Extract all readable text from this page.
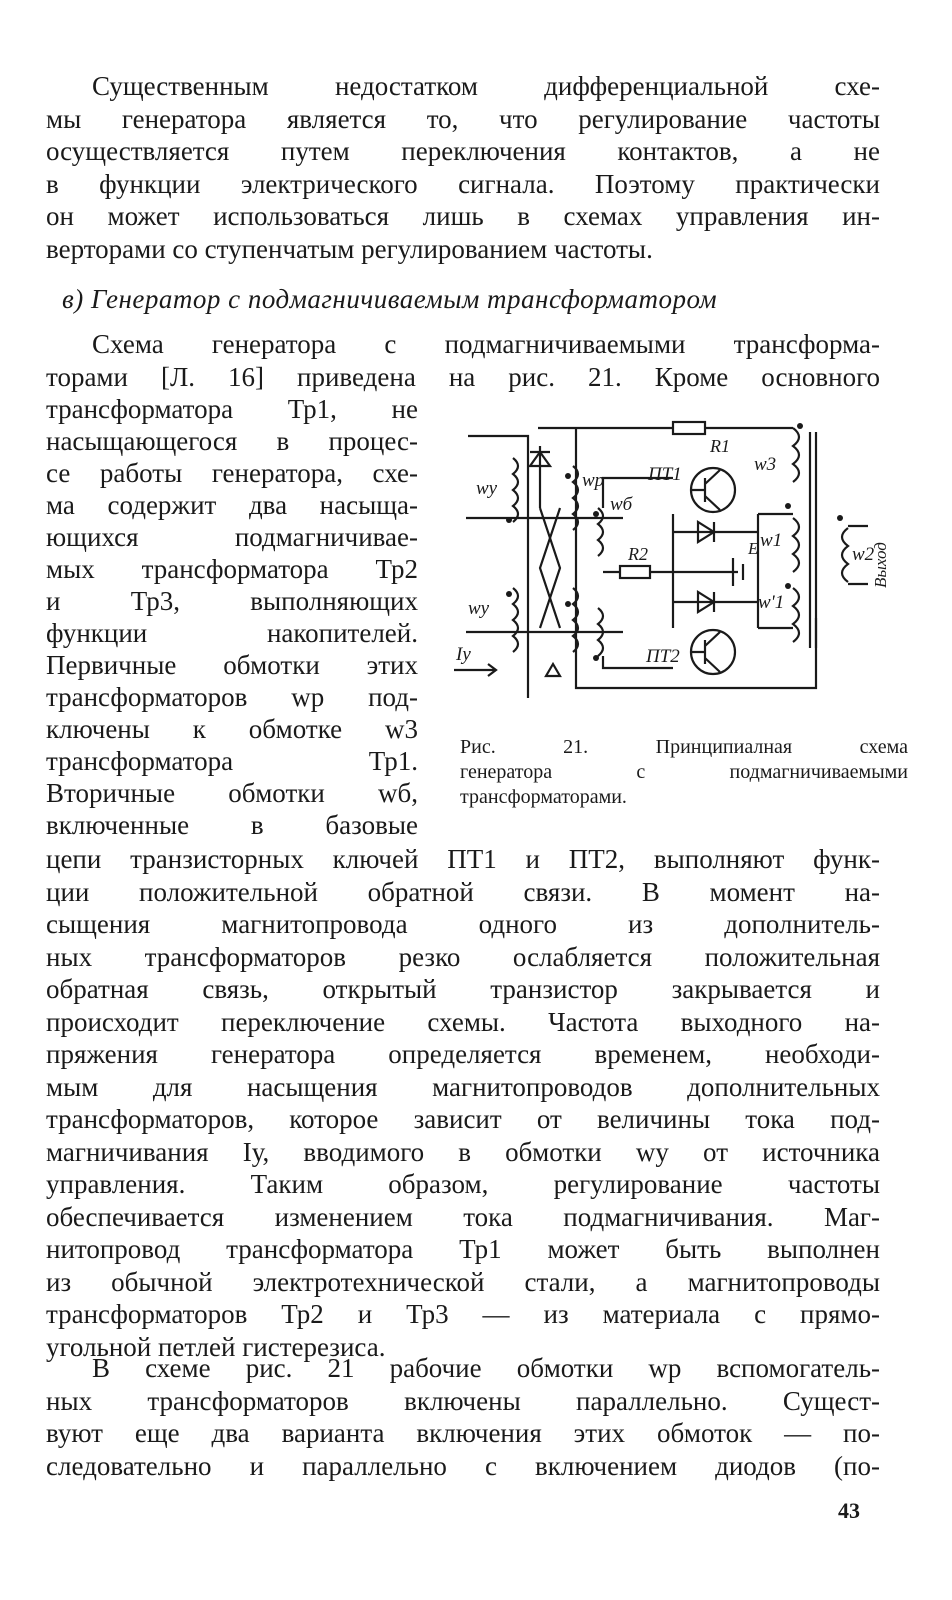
Существенным недостатком дифференциальной схе-
мы генератора является то, что регулирование частоты
осуществляется путем переключения контактов, а не
в функции электрического сигнала. Поэтому практически
он может использоваться лишь в схемах управления ин-
верторами со ступенчатым регулированием частоты.

в) Генератор с подмагничиваемым трансформатором

Схема генератора с подмагничиваемыми трансформа-
торами [Л. 16] приведена на рис. 21. Кроме основного

трансформатора Тр1, не
насыщающегося в процес-
се работы генератора, схе-
ма содержит два насыща-
ющихся подмагничивае-
мых трансформатора Тр2
и Тр3, выполняющих
функции накопителей.
Первичные обмотки этих
трансформаторов wр под-
ключены к обмотке w3
трансформатора Тр1.
Вторичные обмотки wб,
включенные в базовые

wу
wу
wр
wб
R1
R2
ПТ1
ПТ2
w3
w1
w'1
w2
E
Iу
Выход

Рис. 21. Принципиалная схема
генератора с подмагничиваемыми
трансформаторами.

цепи транзисторных ключей ПТ1 и ПТ2, выполняют функ-
ции положительной обратной связи. В момент на-
сыщения магнитопровода одного из дополнитель-
ных трансформаторов резко ослабляется положительная
обратная связь, открытый транзистор закрывается и
происходит переключение схемы. Частота выходного на-
пряжения генератора определяется временем, необходи-
мым для насыщения магнитопроводов дополнительных
трансформаторов, которое зависит от величины тока под-
магничивания Iу, вводимого в обмотки wу от источника
управления. Таким образом, регулирование частоты
обеспечивается изменением тока подмагничивания. Маг-
нитопровод трансформатора Тр1 может быть выполнен
из обычной электротехнической стали, а магнитопроводы
трансформаторов Тр2 и Тр3 — из материала с прямо-
угольной петлей гистерезиса.

В схеме рис. 21 рабочие обмотки wр вспомогатель-
ных трансформаторов включены параллельно. Сущест-
вуют еще два варианта включения этих обмоток — по-
следовательно и параллельно с включением диодов (по-

43
